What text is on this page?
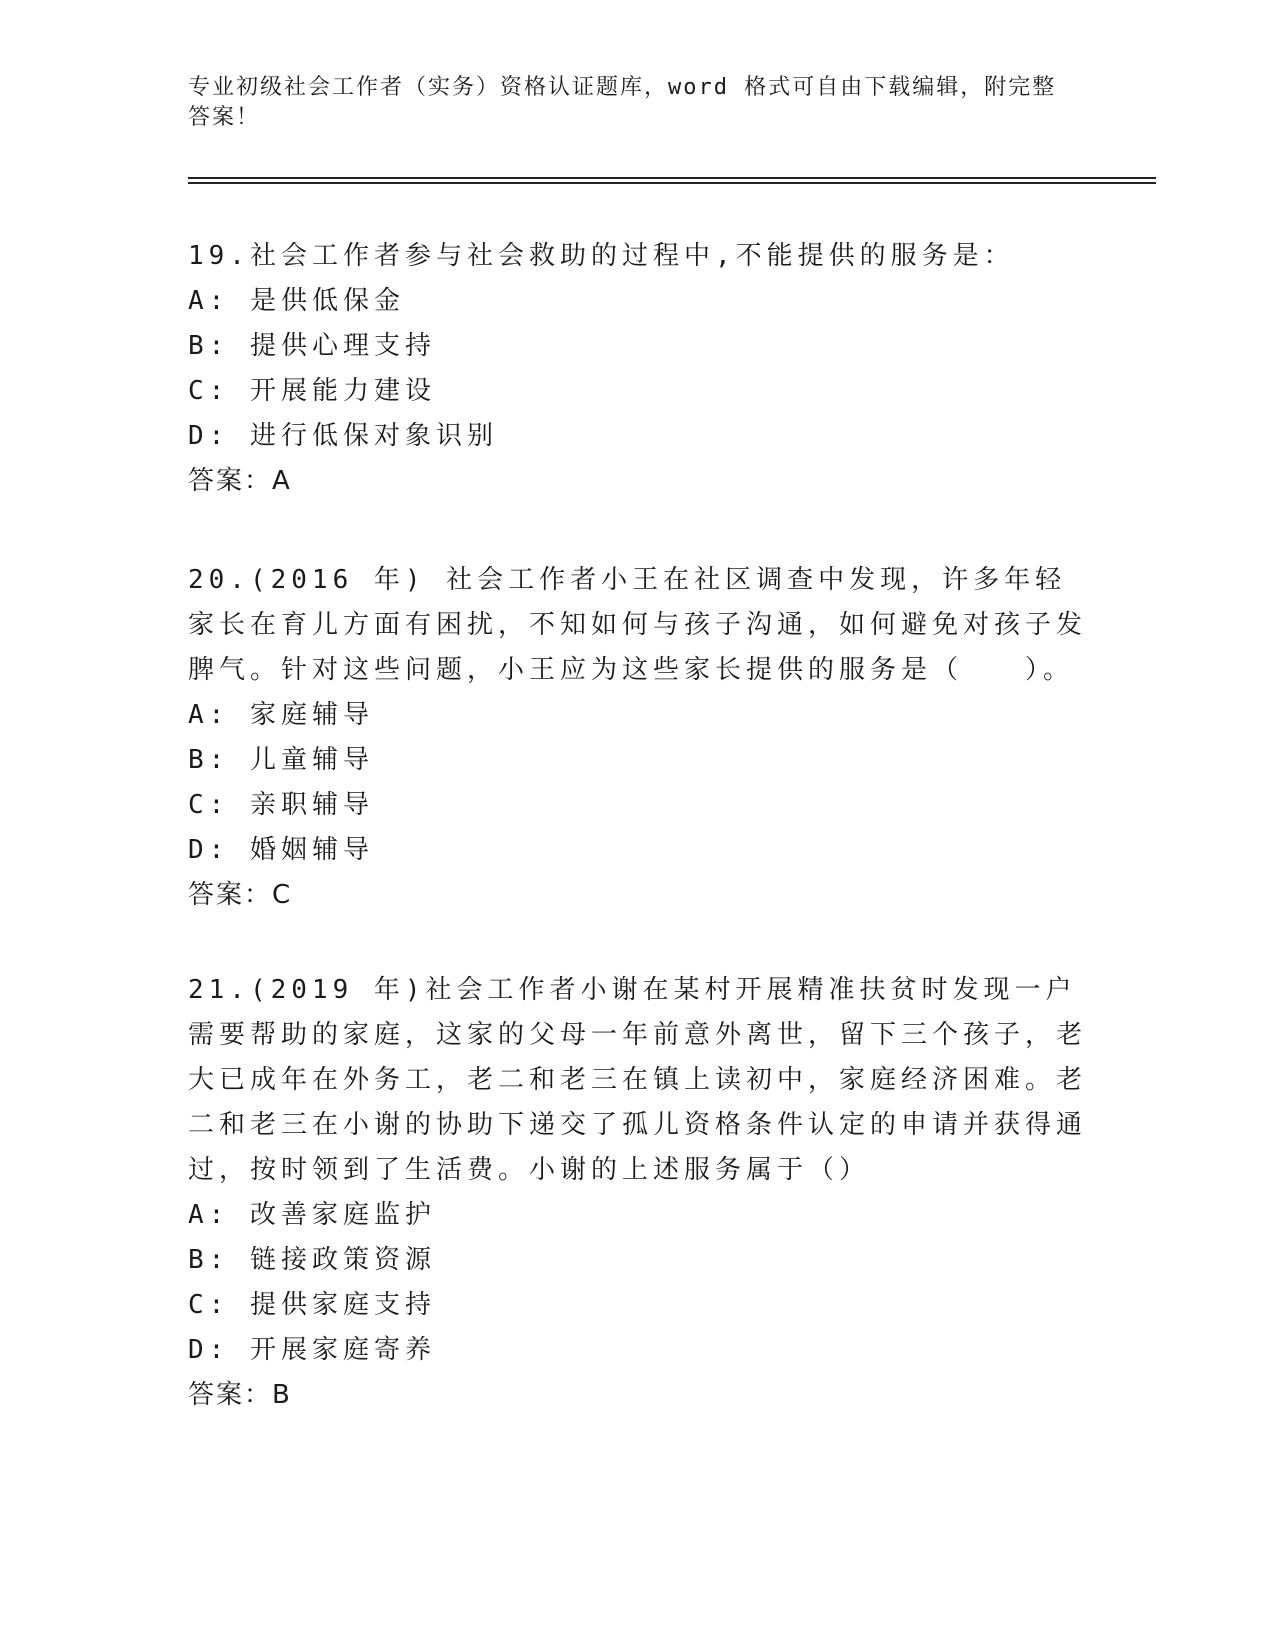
专业初级社会工作者（实务）资格认证题库，word 格式可自由下载编辑，附完整答案！
19.社会工作者参与社会救助的过程中,不能提供的服务是：
A: 是供低保金
B: 提供心理支持
C: 开展能力建设
D: 进行低保对象识别
答案：A
20.(2016 年) 社会工作者小王在社区调查中发现，许多年轻家长在育儿方面有困扰，不知如何与孩子沟通，如何避免对孩子发脾气。针对这些问题，小王应为这些家长提供的服务是（　　）。
A: 家庭辅导
B: 儿童辅导
C: 亲职辅导
D: 婚姻辅导
答案：C
21.(2019 年)社会工作者小谢在某村开展精准扶贫时发现一户需要帮助的家庭，这家的父母一年前意外离世，留下三个孩子，老大已成年在外务工，老二和老三在镇上读初中，家庭经济困难。老二和老三在小谢的协助下递交了孤儿资格条件认定的申请并获得通过，按时领到了生活费。小谢的上述服务属于（）
A: 改善家庭监护
B: 链接政策资源
C: 提供家庭支持
D: 开展家庭寄养
答案：B
